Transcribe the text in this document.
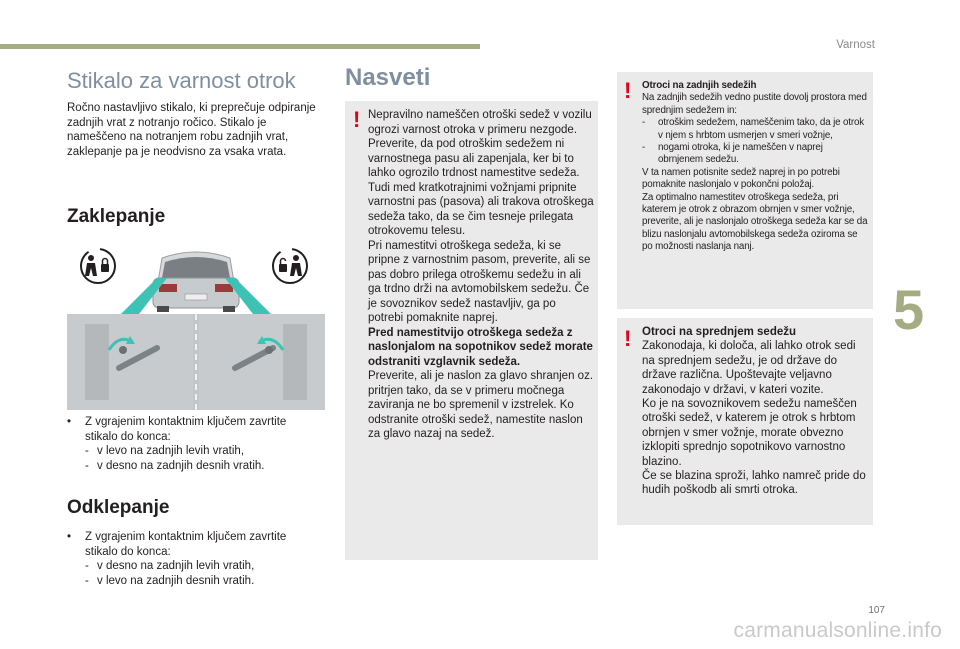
Varnost
5
Stikalo za varnost otrok

Ročno nastavljivo stikalo, ki preprečuje odpiranje zadnjih vrat z notranjo ročico. Stikalo je nameščeno na notranjem robu zadnjih vrat, zaklepanje pa je neodvisno za vsaka vrata.

Zaklepanje
•	Z vgrajenim kontaktnim ključem zavrtite stikalo do konca:
- v levo na zadnjih levih vratih,
- v desno na zadnjih desnih vratih.
Odklepanje
•	Z vgrajenim kontaktnim ključem zavrtite stikalo do konca:
- v desno na zadnjih levih vratih,
- v levo na zadnjih desnih vratih.
Nasveti
! Nepravilno nameščen otroški sedež v vozilu ogrozi varnost otroka v primeru nezgode.

Preverite, da pod otroškim sedežem ni varnostnega pasu ali zapenjala, ker bi to lahko ogrozilo trdnost namestitve sedeža.

Tudi med kratkotrajnimi vožnjami pripnite varnostni pas (pasova) ali trakova otroškega sedeža tako, da se čim tesneje prilegata otrokovemu telesu.

Pri namestitvi otroškega sedeža, ki se pripne z varnostnim pasom, preverite, ali se pas dobro prilega otroškemu sedežu in ali ga trdno drži na avtomobilskem sedežu. Če je sovoznikov sedež nastavljiv, ga po potrebi pomaknite naprej.

Pred namestitvijo otroškega sedeža z naslonjalom na sopotnikov sedež morate odstraniti vzglavnik sedeža.

Preverite, ali je naslon za glavo shranjen oz. pritrjen tako, da se v primeru močnega zaviranja ne bo spremenil v izstrelek. Ko odstranite otroški sedež, namestite naslon za glavo nazaj na sedež.

! Otroci na zadnjih sedežih
Na zadnjih sedežih vedno pustite dovolj prostora med sprednjim sedežem in:
-	otroškim sedežem, nameščenim tako, da je otrok v njem s hrbtom usmerjen v smeri vožnje,
-	nogami otroka, ki je nameščen v naprej obrnjenem sedežu.
V ta namen potisnite sedež naprej in po potrebi pomaknite naslonjalo v pokončni položaj.
Za optimalno namestitev otroškega sedeža, pri katerem je otrok z obrazom obrnjen v smer vožnje, preverite, ali je naslonjalo otroškega sedeža kar se da blizu naslonjalu avtomobilskega sedeža oziroma se po možnosti naslanja nanj.
! Otroci na sprednjem sedežu
Zakonodaja, ki določa, ali lahko otrok sedi na sprednjem sedežu, je od države do države različna. Upoštevajte veljavno zakonodajo v državi, v kateri vozite.
Ko je na sovoznikovem sedežu nameščen otroški sedež, v katerem je otrok s hrbtom obrnjen v smer vožnje, morate obvezno izklopiti sprednjo sopotnikovo varnostno blazino.
Če se blazina sproži, lahko namreč pride do hudih poškodb ali smrti otroka.
107
carmanualsonline.info
